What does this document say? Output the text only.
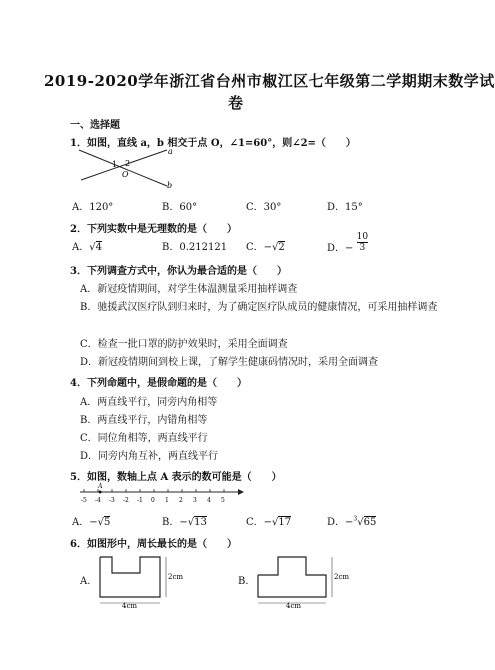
2019-2020学年浙江省台州市椒江区七年级第二学期期末数学试
卷
一、选择题
1．如图，直线 a，b 相交于点 O，∠1=60°，则∠2=（　　）
a
b
1 2
O
A．120°	B．60°	C．30°	D．15°
2．下列实数中是无理数的是（　　）
A．√4	B．0.212121 C．−√2	D．− $\frac{10}{3}$
3．下列调查方式中，你认为最合适的是（　　）
A．新冠疫情期间，对学生体温测量采用抽样调查
B．驰援武汉医疗队到归来时，为了确定医疗队成员的健康情况，可采用抽样调查
C．检查一批口罩的防护效果时，采用全面调查
D．新冠疫情期间到校上课，了解学生健康码情况时，采用全面调查
4．下列命题中，是假命题的是（　　）
A．两直线平行，同旁内角相等
B．两直线平行，内错角相等
C．同位角相等，两直线平行
D．同旁内角互补，两直线平行
5．如图，数轴上点 A 表示的数可能是（　　）
-5 -4 -3 -2 -1 0 1 2 3 4 5
A
A．−√5	B．−√13	C．−√17	D．−$^3$√65
6．如图形中，周长最长的是（　　）
A.	2cm
4cm
B.	2cm
4cm
